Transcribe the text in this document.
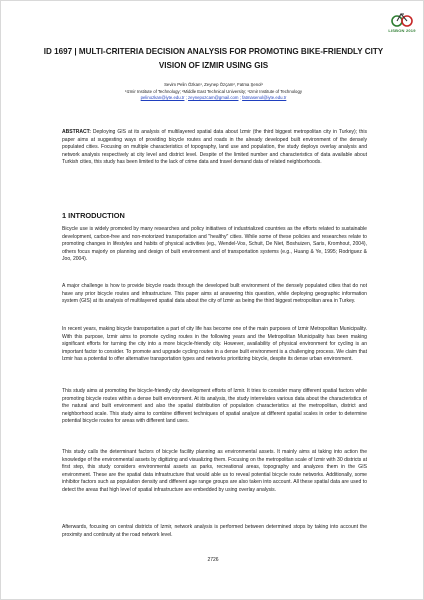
LISBON 2019
ID 1697 | MULTI-CRITERIA DECISION ANALYSIS FOR PROMOTING BIKE-FRIENDLY CITY VISION OF IZMIR USING GIS
Sevim Pelin Özkan¹, Zeynep Özçam², Fatma Şenol¹
¹Izmir Institute of Technology; ²Middle East Technical University; ¹Izmir Institute of Technology
pelinozkan@iyte.edu.tr ; zeynepozcam@gmail.com ; fatmasenol@iyte.edu.tr
ABSTRACT: Deploying GIS at its analysis of multilayered spatial data about Izmir (the third biggest metropolitan city in Turkey); this paper aims at suggesting ways of providing bicycle routes and roads in the already developed built environment of the densely populated cities. Focusing on multiple characteristics of topography, land use and population, the study deploys overlay analysis and network analysis respectively at city level and district level. Despite of the limited number and characteristics of data available about Turkish cities, this study has been limited to the lack of crime data and travel demand data of related neighborhoods.
1 INTRODUCTION

Bicycle use is widely promoted by many researches and policy initiatives of industrialized countries as the efforts related to sustainable development, carbon-free and non-motorized transportation and "healthy" cities. While some of these policies and researches relate to promoting changes in lifestyles and habits of physical activities (eg., Wendel-Vos, Schuit, De Niet, Boshuizen, Saris, Kromhout, 2004), others focus majorly on planning and design of built environment and of transportation systems (e.g., Huang & Ye, 1995; Rodriguez & Joo, 2004).

A major challenge is how to provide bicycle roads through the developed built environment of the densely populated cities that do not have any prior bicycle routes and infrastructure. This paper aims at answering this question, while deploying geographic information system (GIS) at its analysis of multilayered spatial data about the city of Izmir as being the third biggest metropolitan area in Turkey.

In recent years, making bicycle transportation a part of city life has become one of the main purposes of Izmir Metropolitan Municipality. With this purpose, Izmir aims to promote cycling routes in the following years and the Metropolitan Municipality has been making significant efforts for turning the city into a more bicycle-friendly city. However, availability of physical environment for cycling is an important factor to consider. To promote and upgrade cycling routes in a dense built environment is a challenging process. We claim that Izmir has a potential to offer alternative transportation types and networks prioritizing bicycle, despite its dense urban environment.

This study aims at promoting the bicycle-friendly city development efforts of Izmir. It tries to consider many different spatial factors while promoting bicycle routes within a dense built environment. At its analysis, the study interrelates various data about the characteristics of the natural and built environment and also the spatial distribution of population characteristics at the metropolitan, district and neighborhood scale. This study aims to combine different techniques of spatial analyze at different spatial scales in order to determine potential bicycle routes for areas with different land uses.

This study calls the determinant factors of bicycle facility planning as environmental assets. It mainly aims at taking into action the knowledge of the environmental assets by digitizing and visualizing them. Focusing on the metropolitan scale of Izmir with 30 districts at first step, this study considers environmental assets as parks, recreational areas, topography and analyzes them in the GIS environment. These are the spatial data infrastructure that would able us to reveal potential bicycle route networks. Additionally, some inhibitor factors such as population density and different age range groups are also taken into account. All these spatial data are used to detect the areas that high level of spatial infrastructure are embedded by using overlay analysis.

Afterwards, focusing on central districts of Izmir, network analysis is performed between determined stops by taking into account the proximity and continuity at the road network level.

2726
